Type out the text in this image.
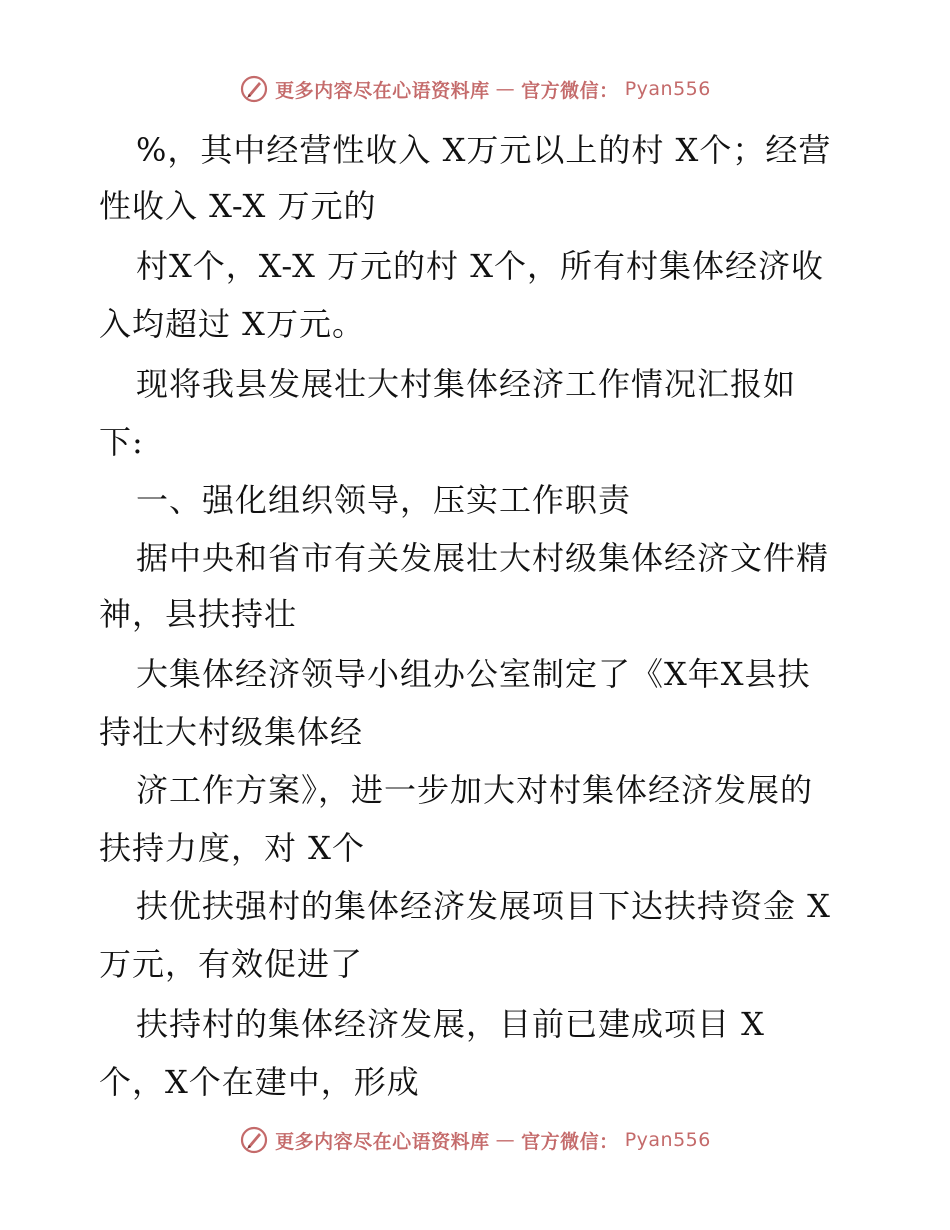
更多内容尽在心语资料库 — 官方微信： Pyan556
%，其中经营性收入 X万元以上的村 X个；经营
性收入 X-X 万元的
村X个，X-X 万元的村 X个，所有村集体经济收
入均超过 X万元。
现将我县发展壮大村集体经济工作情况汇报如
下:
一、强化组织领导，压实工作职责
据中央和省市有关发展壮大村级集体经济文件精
神，县扶持壮
大集体经济领导小组办公室制定了《X年X县扶
持壮大村级集体经
济工作方案》，进一步加大对村集体经济发展的
扶持力度，对 X个
扶优扶强村的集体经济发展项目下达扶持资金 X
万元，有效促进了
扶持村的集体经济发展，目前已建成项目 X
个，X个在建中，形成
更多内容尽在心语资料库 — 官方微信： Pyan556
